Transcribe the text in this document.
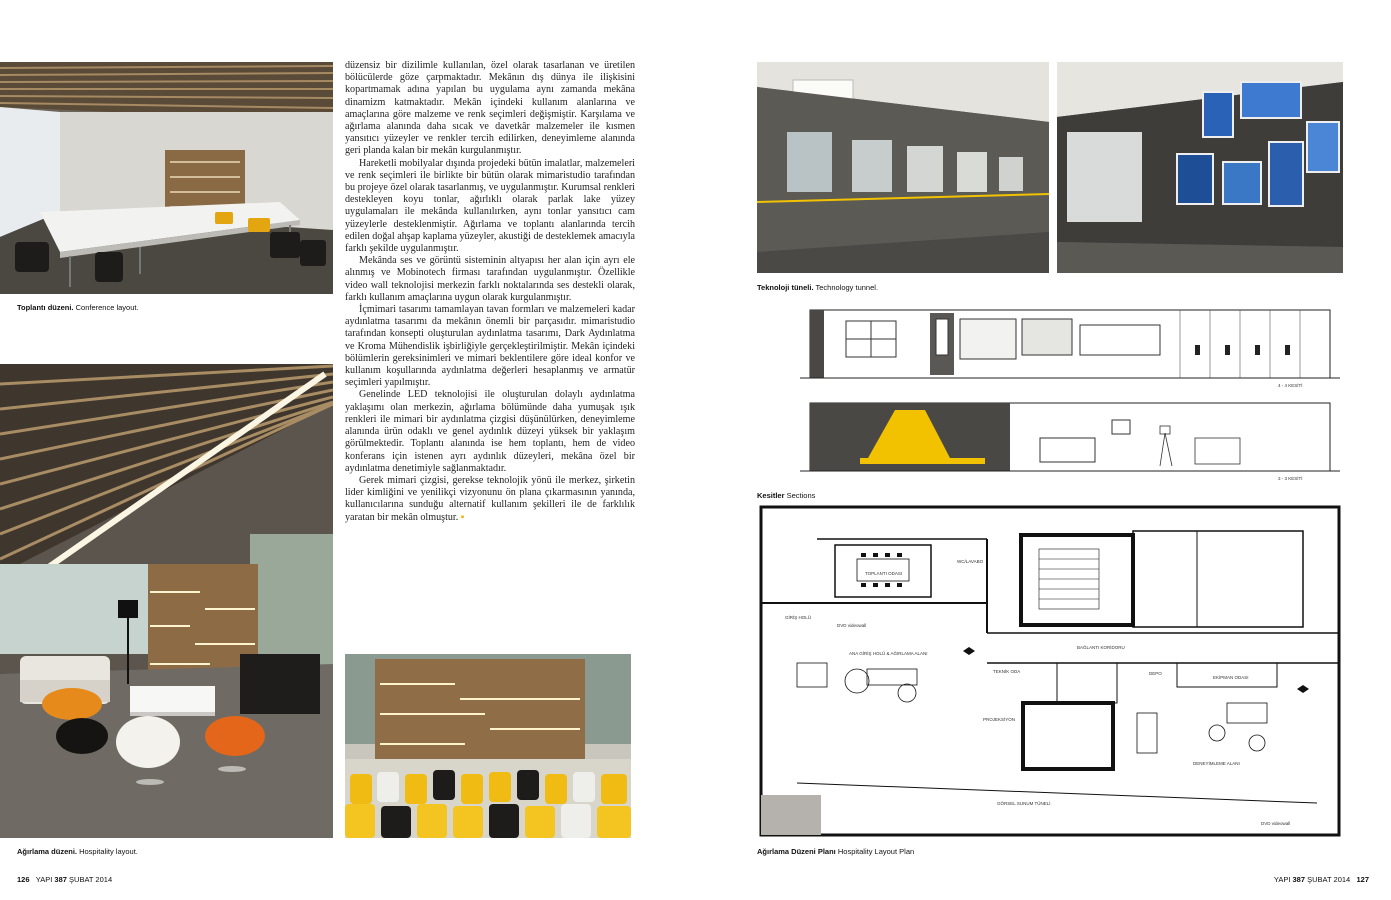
Toplantı düzeni. Conference layout.
Ağırlama düzeni. Hospitality layout.

düzensiz bir dizilimle kullanılan, özel olarak tasarlanan ve üretilen bölücülerde göze çarpmaktadır. Mekânın dış dünya ile ilişkisini kopartmamak adına yapılan bu uygulama aynı zamanda mekâna dinamizm katmaktadır. Mekân içindeki kullanım alanlarına ve amaçlarına göre malzeme ve renk seçimleri değişmiştir. Karşılama ve ağırlama alanında daha sıcak ve davetkâr malzemeler ile kısmen yansıtıcı yüzeyler ve renkler tercih edilirken, deneyimleme alanında geri planda kalan bir mekân kurgulanmıştır.

Hareketli mobilyalar dışında projedeki bütün imalatlar, malzemeleri ve renk seçimleri ile birlikte bir bütün olarak mimaristudio tarafından bu projeye özel olarak tasarlanmış, ve uygulanmıştır. Kurumsal renkleri destekleyen koyu tonlar, ağırlıklı olarak parlak lake yüzey uygulamaları ile mekânda kullanılırken, aynı tonlar yansıtıcı cam yüzeylerle desteklenmiştir. Ağırlama ve toplantı alanlarında tercih edilen doğal ahşap kaplama yüzeyler, akustiği de desteklemek amacıyla farklı şekilde uygulanmıştır.

Mekânda ses ve görüntü sisteminin altyapısı her alan için ayrı ele alınmış ve Mobinotech firması tarafından uygulanmıştır. Özellikle video wall teknolojisi merkezin farklı noktalarında ses destekli olarak, farklı kullanım amaçlarına uygun olarak kurgulanmıştır.

İçmimari tasarımı tamamlayan tavan formları ve malzemeleri kadar aydınlatma tasarımı da mekânın önemli bir parçasıdır. mimaristudio tarafından konsepti oluşturulan aydınlatma tasarımı, Dark Aydınlatma ve Kroma Mühendislik işbirliğiyle gerçekleştirilmiştir. Mekân içindeki bölümlerin gereksinimleri ve mimari beklentilere göre ideal konfor ve kullanım koşullarında aydınlatma değerleri hesaplanmış ve armatür seçimleri yapılmıştır.

Genelinde LED teknolojisi ile oluşturulan dolaylı aydınlatma yaklaşımı olan merkezin, ağırlama bölümünde daha yumuşak ışık renkleri ile mimari bir aydınlatma çizgisi düşünülürken, deneyimleme alanında ürün odaklı ve genel aydınlık düzeyi yüksek bir yaklaşım görülmektedir. Toplantı alanında ise hem toplantı, hem de video konferans için istenen ayrı aydınlık düzeyleri, mekâna özel bir aydınlatma denetimiyle sağlanmaktadır.

Gerek mimari çizgisi, gerekse teknolojik yönü ile merkez, şirketin lider kimliğini ve yenilikçi vizyonunu ön plana çıkarmasının yanında, kullanıcılarına sunduğu alternatif kullanım şekilleri ile de farklılık yaratan bir mekân olmuştur. ▪

126 YAPI 387 ŞUBAT 2014
Teknoloji tüneli. Technology tunnel.
4 - 4 KESİTİ
3 - 3 KESİTİ
Kesitler Sections
TOPLANTI ODASI
WC/LAVABO
GİRİŞ HOLÜ
DVD videowall
ANA GİRİŞ HOLÜ & AĞIRLAMA ALANI
TEKNİK ODA
BAĞLANTI KORİDORU
DEPO
EKİPMAN ODASI
DENEYİMLEME ALANI
GÖRSEL SUNUM TÜNELİ
DVD videowall
PROJEKSİYON
Ağırlama Düzeni Planı Hospitality Layout Plan
YAPI 387 ŞUBAT 2014 127
